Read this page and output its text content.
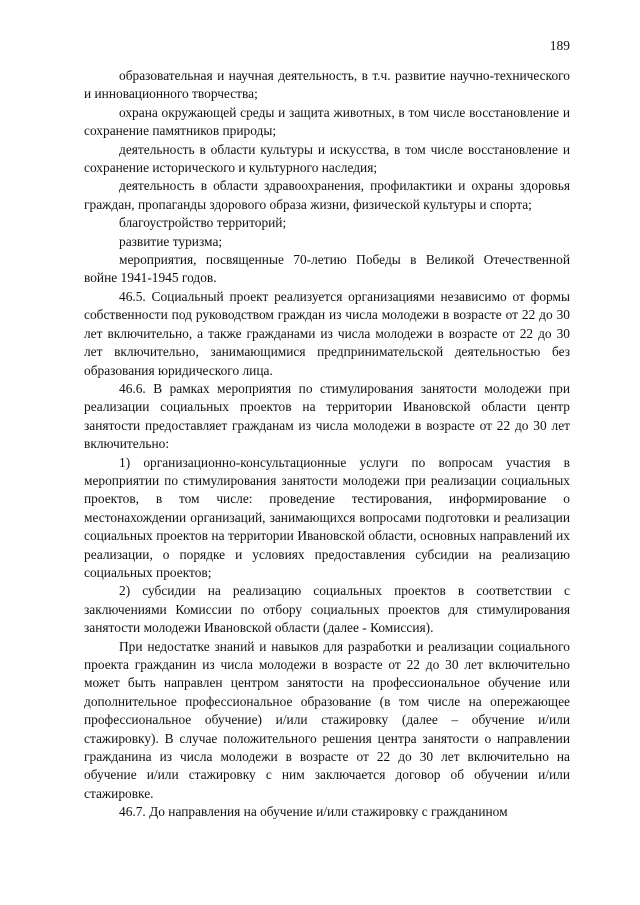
189

образовательная и научная деятельность, в т.ч. развитие научно-технического и инновационного творчества;

охрана окружающей среды и защита животных, в том числе восстановление и сохранение памятников природы;

деятельность в области культуры и искусства, в том числе восстановление и сохранение исторического и культурного наследия;

деятельность в области здравоохранения, профилактики и охраны здоровья граждан, пропаганды здорового образа жизни, физической культуры и спорта;

благоустройство территорий;

развитие туризма;

мероприятия, посвященные 70-летию Победы в Великой Отечественной войне 1941-1945 годов.

46.5. Социальный проект реализуется организациями независимо от формы собственности под руководством граждан из числа молодежи в возрасте от 22 до 30 лет включительно, а также гражданами из числа молодежи в возрасте от 22 до 30 лет включительно, занимающимися предпринимательской деятельностью без образования юридического лица.

46.6. В рамках мероприятия по стимулирования занятости молодежи при реализации социальных проектов на территории Ивановской области центр занятости предоставляет гражданам из числа молодежи в возрасте от 22 до 30 лет включительно:

1) организационно-консультационные услуги по вопросам участия в мероприятии по стимулирования занятости молодежи при реализации социальных проектов, в том числе: проведение тестирования, информирование о местонахождении организаций, занимающихся вопросами подготовки и реализации социальных проектов на территории Ивановской области, основных направлений их реализации, о порядке и условиях предоставления субсидии на реализацию социальных проектов;

2) субсидии на реализацию социальных проектов в соответствии с заключениями Комиссии по отбору социальных проектов для стимулирования занятости молодежи Ивановской области (далее - Комиссия).

При недостатке знаний и навыков для разработки и реализации социального проекта гражданин из числа молодежи в возрасте от 22 до 30 лет включительно может быть направлен центром занятости на профессиональное обучение или дополнительное профессиональное образование (в том числе на опережающее профессиональное обучение) и/или стажировку (далее – обучение и/или стажировку). В случае положительного решения центра занятости о направлении гражданина из числа молодежи в возрасте от 22 до 30 лет включительно на обучение и/или стажировку с ним заключается договор об обучении и/или стажировке.

46.7. До направления на обучение и/или стажировку с гражданином
